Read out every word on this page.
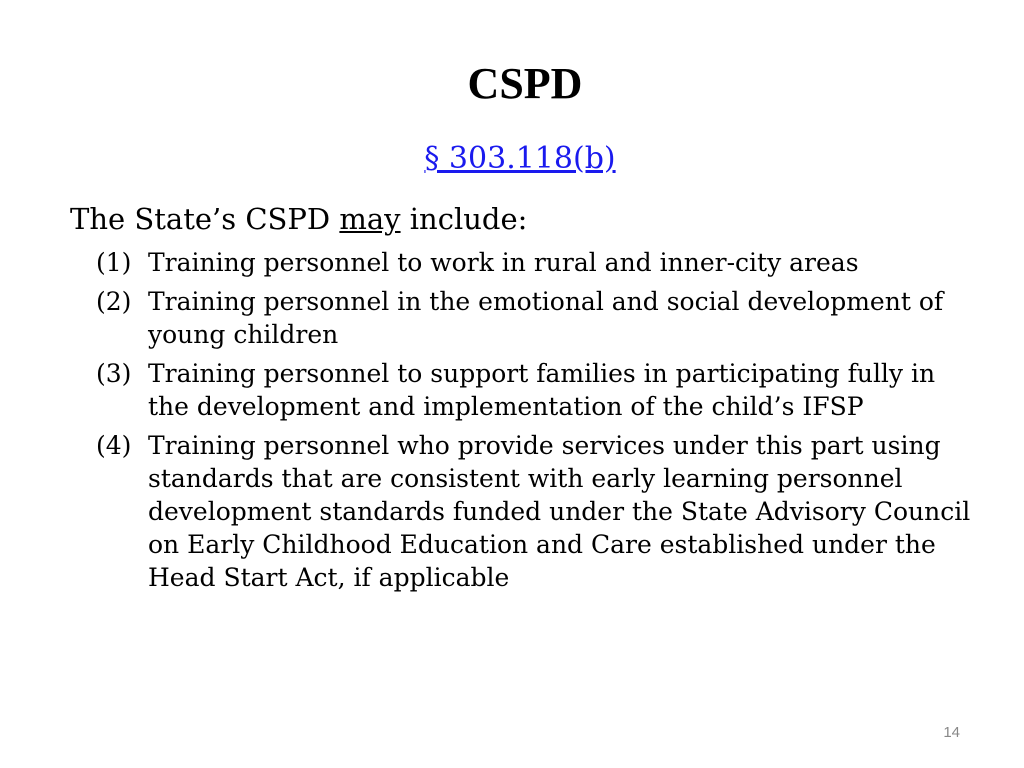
CSPD
§ 303.118(b)
The State’s CSPD may include:
(1) Training personnel to work in rural and inner-city areas
(2) Training personnel in the emotional and social development of young children
(3) Training personnel to support families in participating fully in the development and implementation of the child’s IFSP
(4) Training personnel who provide services under this part using standards that are consistent with early learning personnel development standards funded under the State Advisory Council on Early Childhood Education and Care established under the Head Start Act, if applicable
14
